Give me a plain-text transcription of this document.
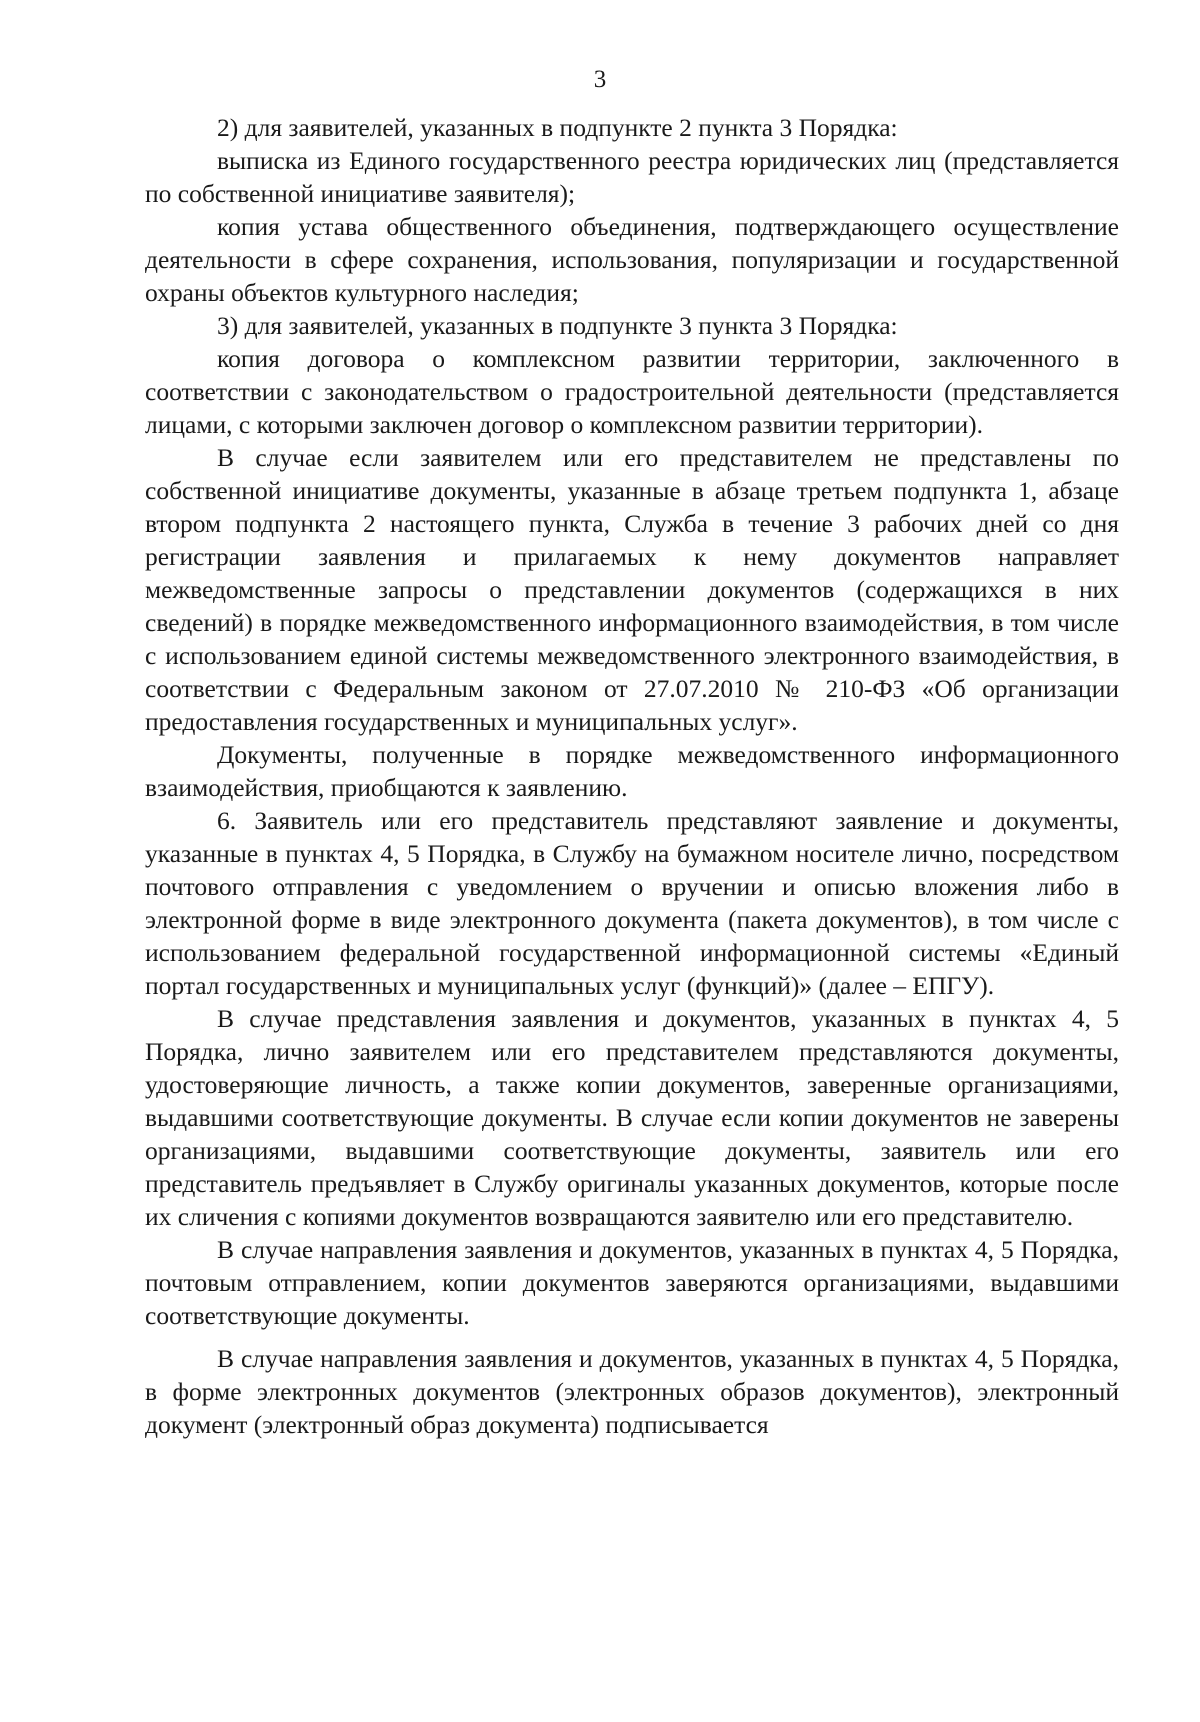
3

2) для заявителей, указанных в подпункте 2 пункта 3 Порядка:

выписка из Единого государственного реестра юридических лиц (представляется по собственной инициативе заявителя);

копия устава общественного объединения, подтверждающего осуществление деятельности в сфере сохранения, использования, популяризации и государственной охраны объектов культурного наследия;

3) для заявителей, указанных в подпункте 3 пункта 3 Порядка:

копия договора о комплексном развитии территории, заключенного в соответствии с законодательством о градостроительной деятельности (представляется лицами, с которыми заключен договор о комплексном развитии территории).

В случае если заявителем или его представителем не представлены по собственной инициативе документы, указанные в абзаце третьем подпункта 1, абзаце втором подпункта 2 настоящего пункта, Служба в течение 3 рабочих дней со дня регистрации заявления и прилагаемых к нему документов направляет межведомственные запросы о представлении документов (содержащихся в них сведений) в порядке межведомственного информационного взаимодействия, в том числе с использованием единой системы межведомственного электронного взаимодействия, в соответствии с Федеральным законом от 27.07.2010 № 210-ФЗ «Об организации предоставления государственных и муниципальных услуг».

Документы, полученные в порядке межведомственного информационного взаимодействия, приобщаются к заявлению.

6. Заявитель или его представитель представляют заявление и документы, указанные в пунктах 4, 5 Порядка, в Службу на бумажном носителе лично, посредством почтового отправления с уведомлением о вручении и описью вложения либо в электронной форме в виде электронного документа (пакета документов), в том числе с использованием федеральной государственной информационной системы «Единый портал государственных и муниципальных услуг (функций)» (далее – ЕПГУ).

В случае представления заявления и документов, указанных в пунктах 4, 5 Порядка, лично заявителем или его представителем представляются документы, удостоверяющие личность, а также копии документов, заверенные организациями, выдавшими соответствующие документы. В случае если копии документов не заверены организациями, выдавшими соответствующие документы, заявитель или его представитель предъявляет в Службу оригиналы указанных документов, которые после их сличения с копиями документов возвращаются заявителю или его представителю.

В случае направления заявления и документов, указанных в пунктах 4, 5 Порядка, почтовым отправлением, копии документов заверяются организациями, выдавшими соответствующие документы.

В случае направления заявления и документов, указанных в пунктах 4, 5 Порядка, в форме электронных документов (электронных образов документов), электронный документ (электронный образ документа) подписывается
